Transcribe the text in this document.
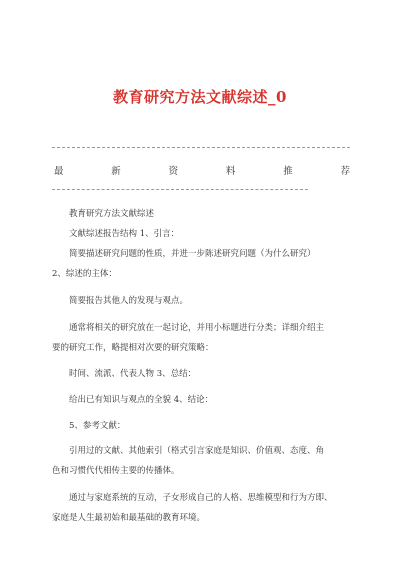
教育研究方法文献综述_0
最	新	资	料	推	荐
教育研究方法文献综述
文献综述报告结构 1、引言：
简要描述研究问题的性质，并进一步陈述研究问题（为什么研究）
2、综述的主体：
简要报告其他人的发现与观点。
通常将相关的研究放在一起讨论，并用小标题进行分类；详细介绍主
要的研究工作，略提相对次要的研究策略：
时间、流派、代表人物 3、总结：
给出已有知识与观点的全貌 4、结论：
5、参考文献：
引用过的文献、其他索引（格式引言家庭是知识、价值观、态度、角
色和习惯代代相传主要的传播体。
通过与家庭系统的互动，子女形成自己的人格、思维模型和行为方即、
家庭是人生最初始和最基础的教育环境。
